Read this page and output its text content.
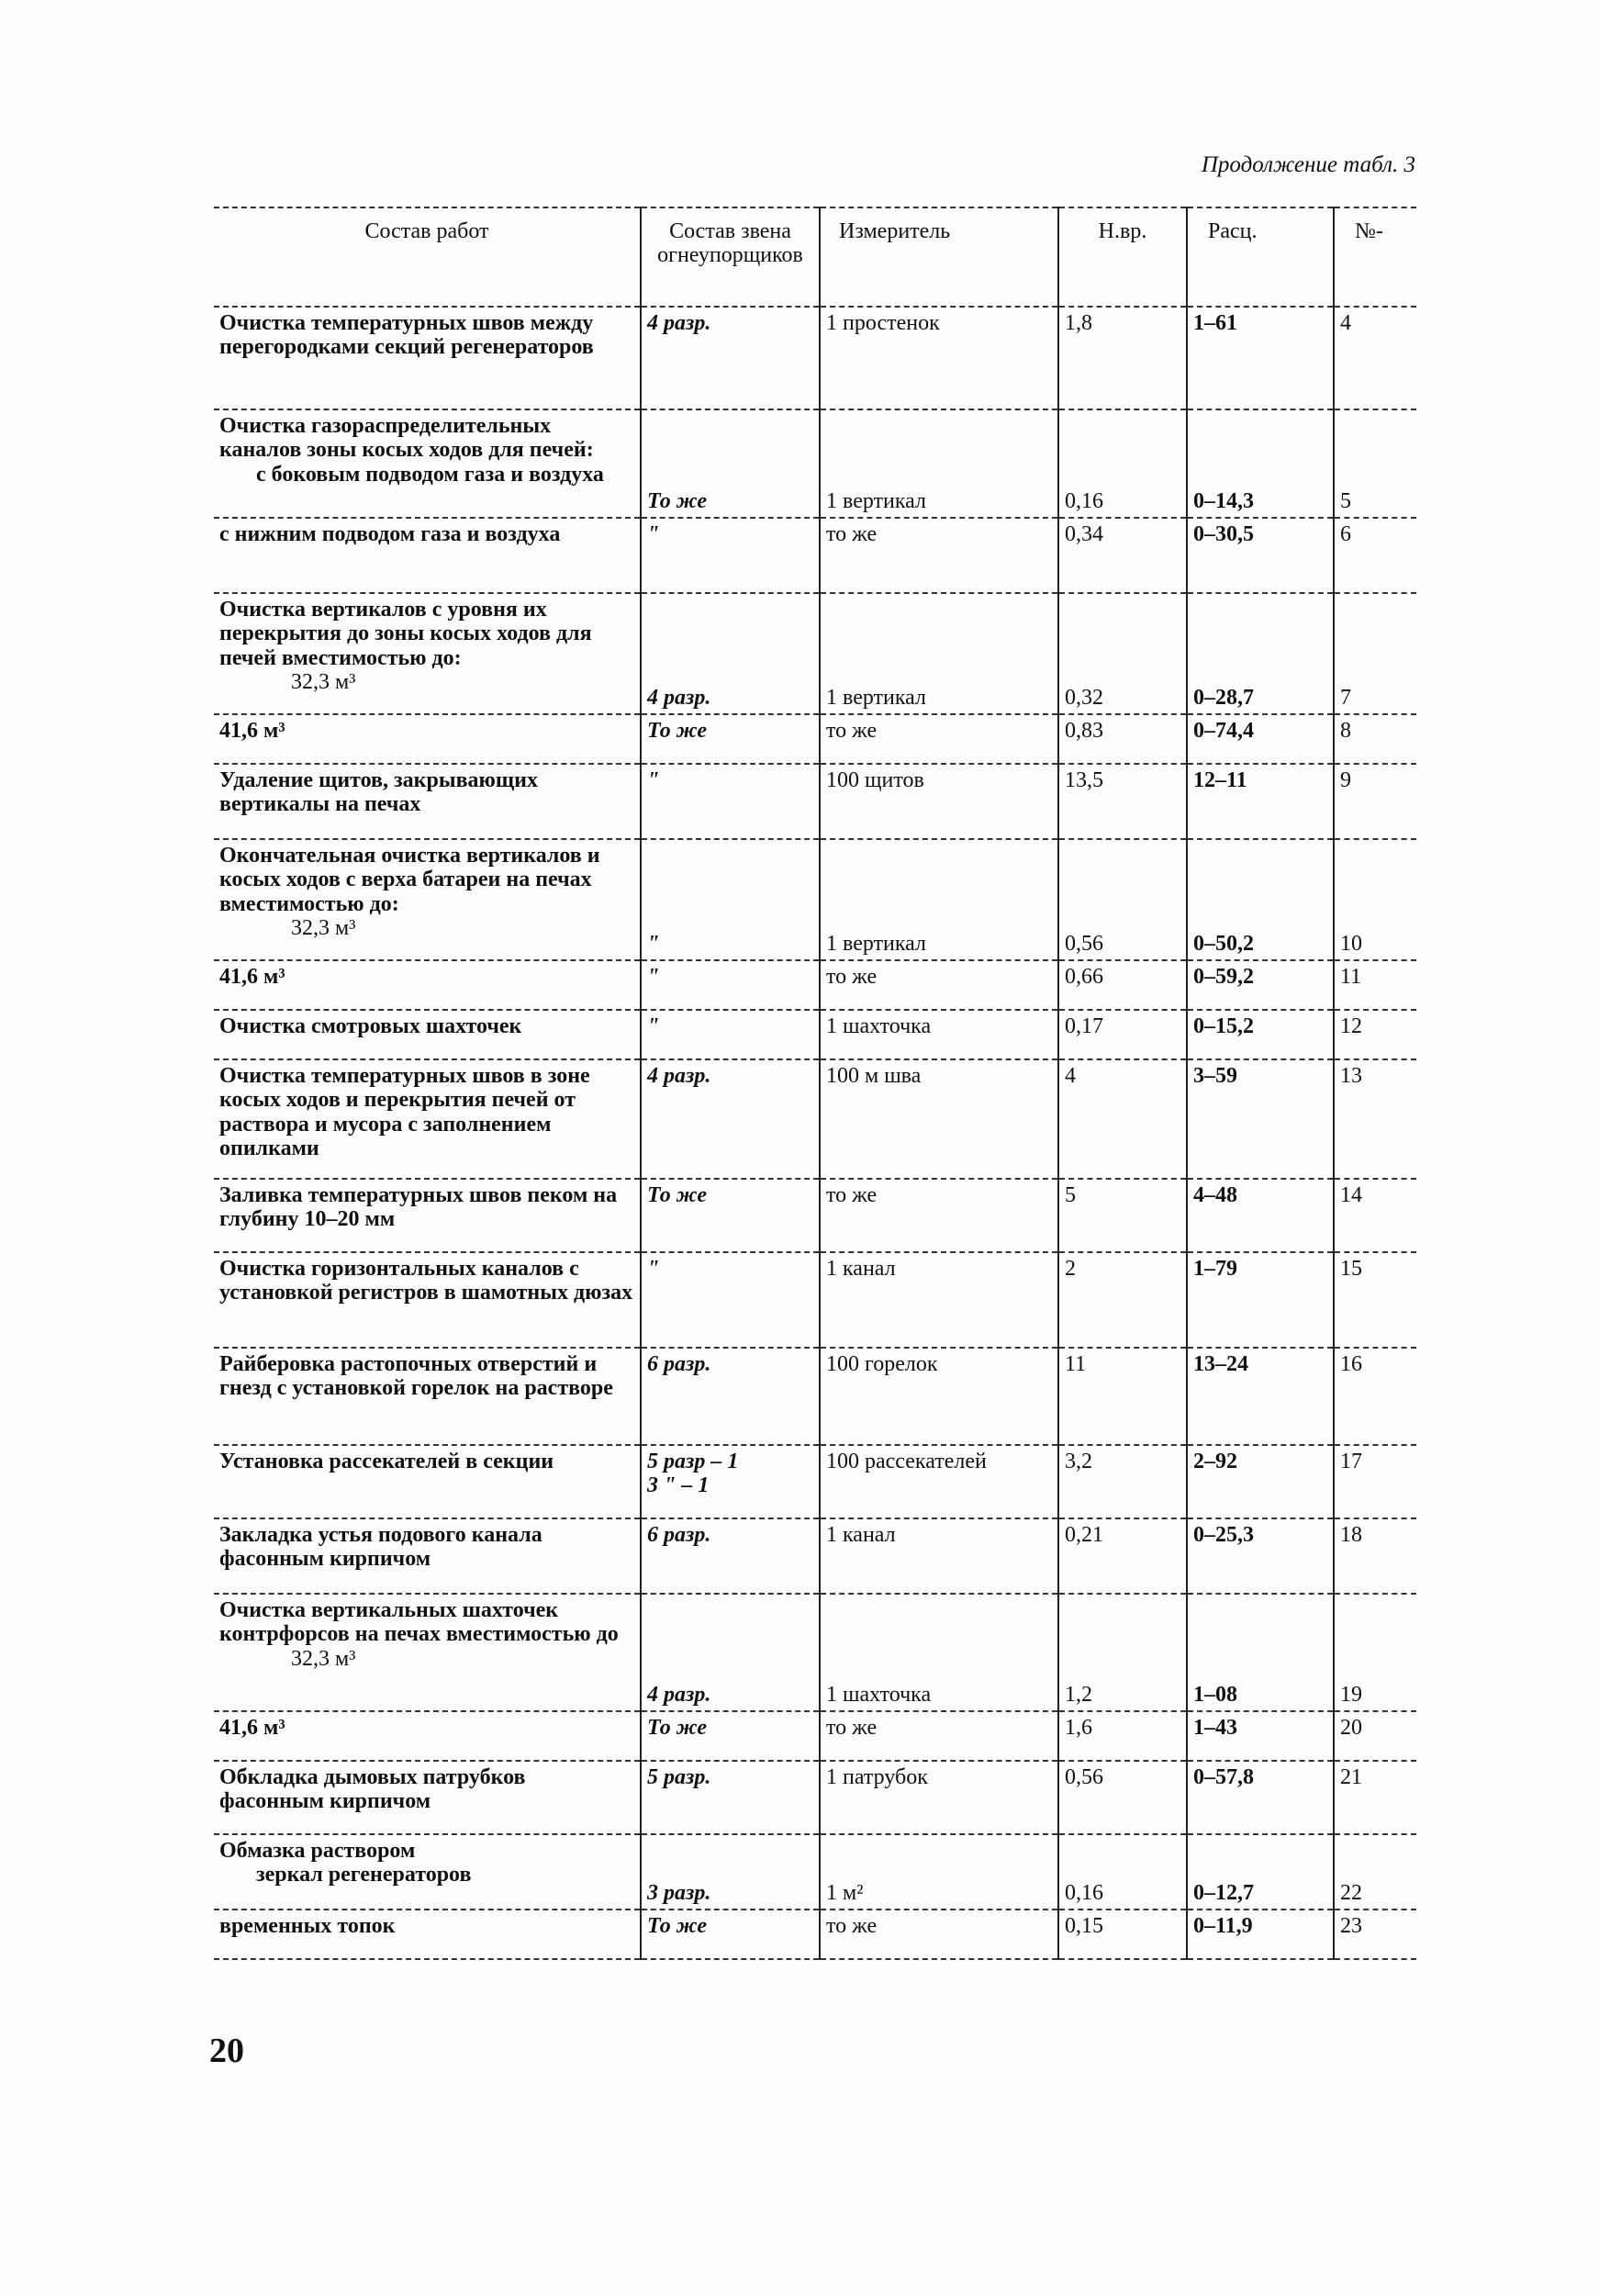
Продолжение табл. 3
Состав работ	Состав звена огнеупорщиков	Измеритель	Н.вр.	Расц.	№-
Очистка температурных швов между перегородками секций регенераторов	4 разр.	1 простенок	1,8	1–61	4

Очистка газораспределительных каналов зоны косых ходов для печей:
с боковым подводом газа и воздуха	То же	1 вертикал	0,16	0–14,3	5
с нижним подводом газа и воздуха	"	то же	0,34	0–30,5	6

Очистка вертикалов с уровня их перекрытия до зоны косых ходов для печей вместимостью до:
32,3 м³	4 разр.	1 вертикал	0,32	0–28,7	7
41,6 м³	То же	то же	0,83	0–74,4	8
Удаление щитов, закрывающих вертикалы на печах	"	100 щитов	13,5	12–11	9

Окончательная очистка вертикалов и косых ходов с верха батареи на печах вместимостью до:
32,3 м³	"	1 вертикал	0,56	0–50,2	10
41,6 м³	"	то же	0,66	0–59,2	11
Очистка смотровых шахточек	"	1 шахточка	0,17	0–15,2	12
Очистка температурных швов в зоне косых ходов и перекрытия печей от раствора и мусора с заполнением опилками	4 разр.	100 м шва	4	3–59	13
Заливка температурных швов пеком на глубину 10–20 мм	То же	то же	5	4–48	14
Очистка горизонтальных каналов с установкой регистров в шамотных дюзах	"	1 канал	2	1–79	15
Райберовка растопочных отверстий и гнезд с установкой горелок на растворе	6 разр.	100 горелок	11	13–24	16
Установка рассекателей в секции	5 разр – 1
3 " – 1	100 рассекателей	3,2	2–92	17
Закладка устья подового канала фасонным кирпичом	6 разр.	1 канал	0,21	0–25,3	18

Очистка вертикальных шахточек контрфорсов на печах вместимостью до
32,3 м³	4 разр.	1 шахточка	1,2	1–08	19
41,6 м³	То же	то же	1,6	1–43	20
Обкладка дымовых патрубков фасонным кирпичом	5 разр.	1 патрубок	0,56	0–57,8	21

Обмазка раствором
зеркал регенераторов	3 разр.	1 м²	0,16	0–12,7	22
временных топок	То же	то же	0,15	0–11,9	23
20
